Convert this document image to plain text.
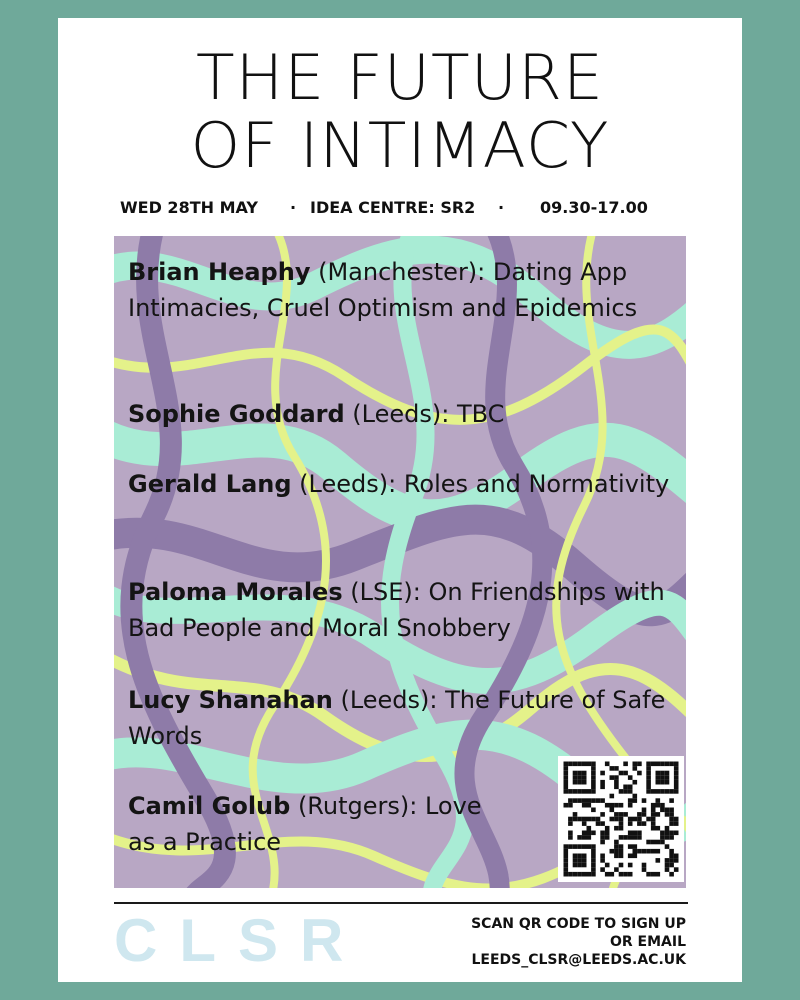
THE FUTURE
OF INTIMACY
WED 28TH MAY · IDEA CENTRE: SR2 · 09.30-17.00
Brian Heaphy (Manchester): Dating App Intimacies, Cruel Optimism and Epidemics
Sophie Goddard (Leeds): TBC
Gerald Lang (Leeds): Roles and Normativity
Paloma Morales (LSE): On Friendships with Bad People and Moral Snobbery
Lucy Shanahan (Leeds): The Future of Safe Words
Camil Golub (Rutgers): Love as a Practice
CLSR	SCAN QR CODE TO SIGN UP
OR EMAIL
LEEDS_CLSR@LEEDS.AC.UK
